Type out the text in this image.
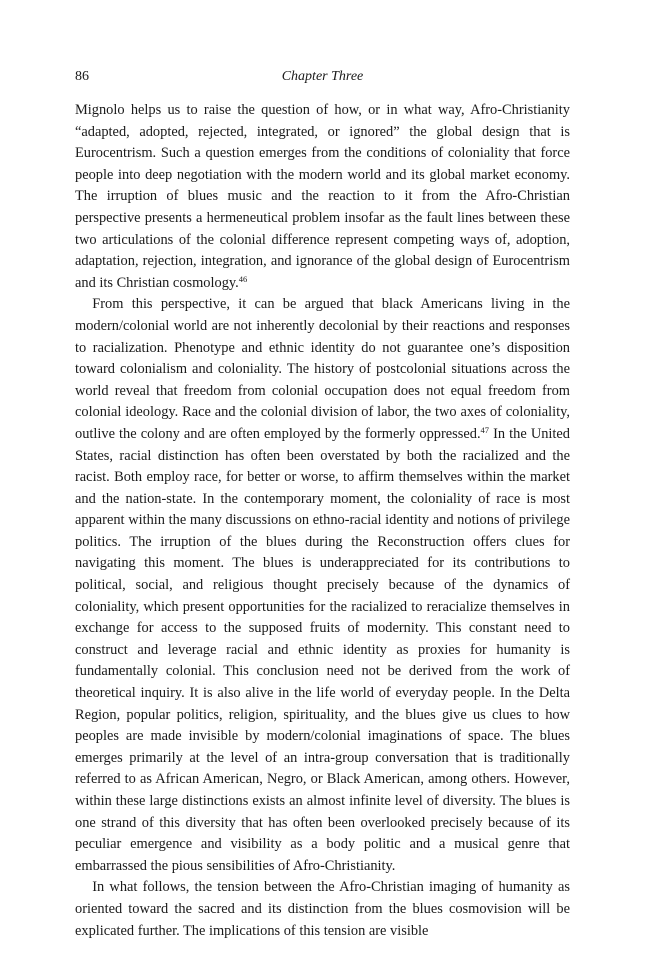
86	Chapter Three

Mignolo helps us to raise the question of how, or in what way, Afro-Christianity “adapted, adopted, rejected, integrated, or ignored” the global design that is Eurocentrism. Such a question emerges from the conditions of coloniality that force people into deep negotiation with the modern world and its global market economy. The irruption of blues music and the reaction to it from the Afro-Christian perspective presents a hermeneutical problem insofar as the fault lines between these two articulations of the colonial difference represent competing ways of, adoption, adaptation, rejection, integration, and ignorance of the global design of Eurocentrism and its Christian cosmology.$^{46}$

From this perspective, it can be argued that black Americans living in the modern/colonial world are not inherently decolonial by their reactions and responses to racialization. Phenotype and ethnic identity do not guarantee one’s disposition toward colonialism and coloniality. The history of postcolonial situations across the world reveal that freedom from colonial occupation does not equal freedom from colonial ideology. Race and the colonial division of labor, the two axes of coloniality, outlive the colony and are often employed by the formerly oppressed.$^{47}$ In the United States, racial distinction has often been overstated by both the racialized and the racist. Both employ race, for better or worse, to affirm themselves within the market and the nation-state. In the contemporary moment, the coloniality of race is most apparent within the many discussions on ethno-racial identity and notions of privilege politics. The irruption of the blues during the Reconstruction offers clues for navigating this moment. The blues is underappreciated for its contributions to political, social, and religious thought precisely because of the dynamics of coloniality, which present opportunities for the racialized to reracialize themselves in exchange for access to the supposed fruits of modernity. This constant need to construct and leverage racial and ethnic identity as proxies for humanity is fundamentally colonial. This conclusion need not be derived from the work of theoretical inquiry. It is also alive in the life world of everyday people. In the Delta Region, popular politics, religion, spirituality, and the blues give us clues to how peoples are made invisible by modern/colonial imaginations of space. The blues emerges primarily at the level of an intra-group conversation that is traditionally referred to as African American, Negro, or Black American, among others. However, within these large distinctions exists an almost infinite level of diversity. The blues is one strand of this diversity that has often been overlooked precisely because of its peculiar emergence and visibility as a body politic and a musical genre that embarrassed the pious sensibilities of Afro-Christianity.

In what follows, the tension between the Afro-Christian imaging of humanity as oriented toward the sacred and its distinction from the blues cosmovision will be explicated further. The implications of this tension are visible
